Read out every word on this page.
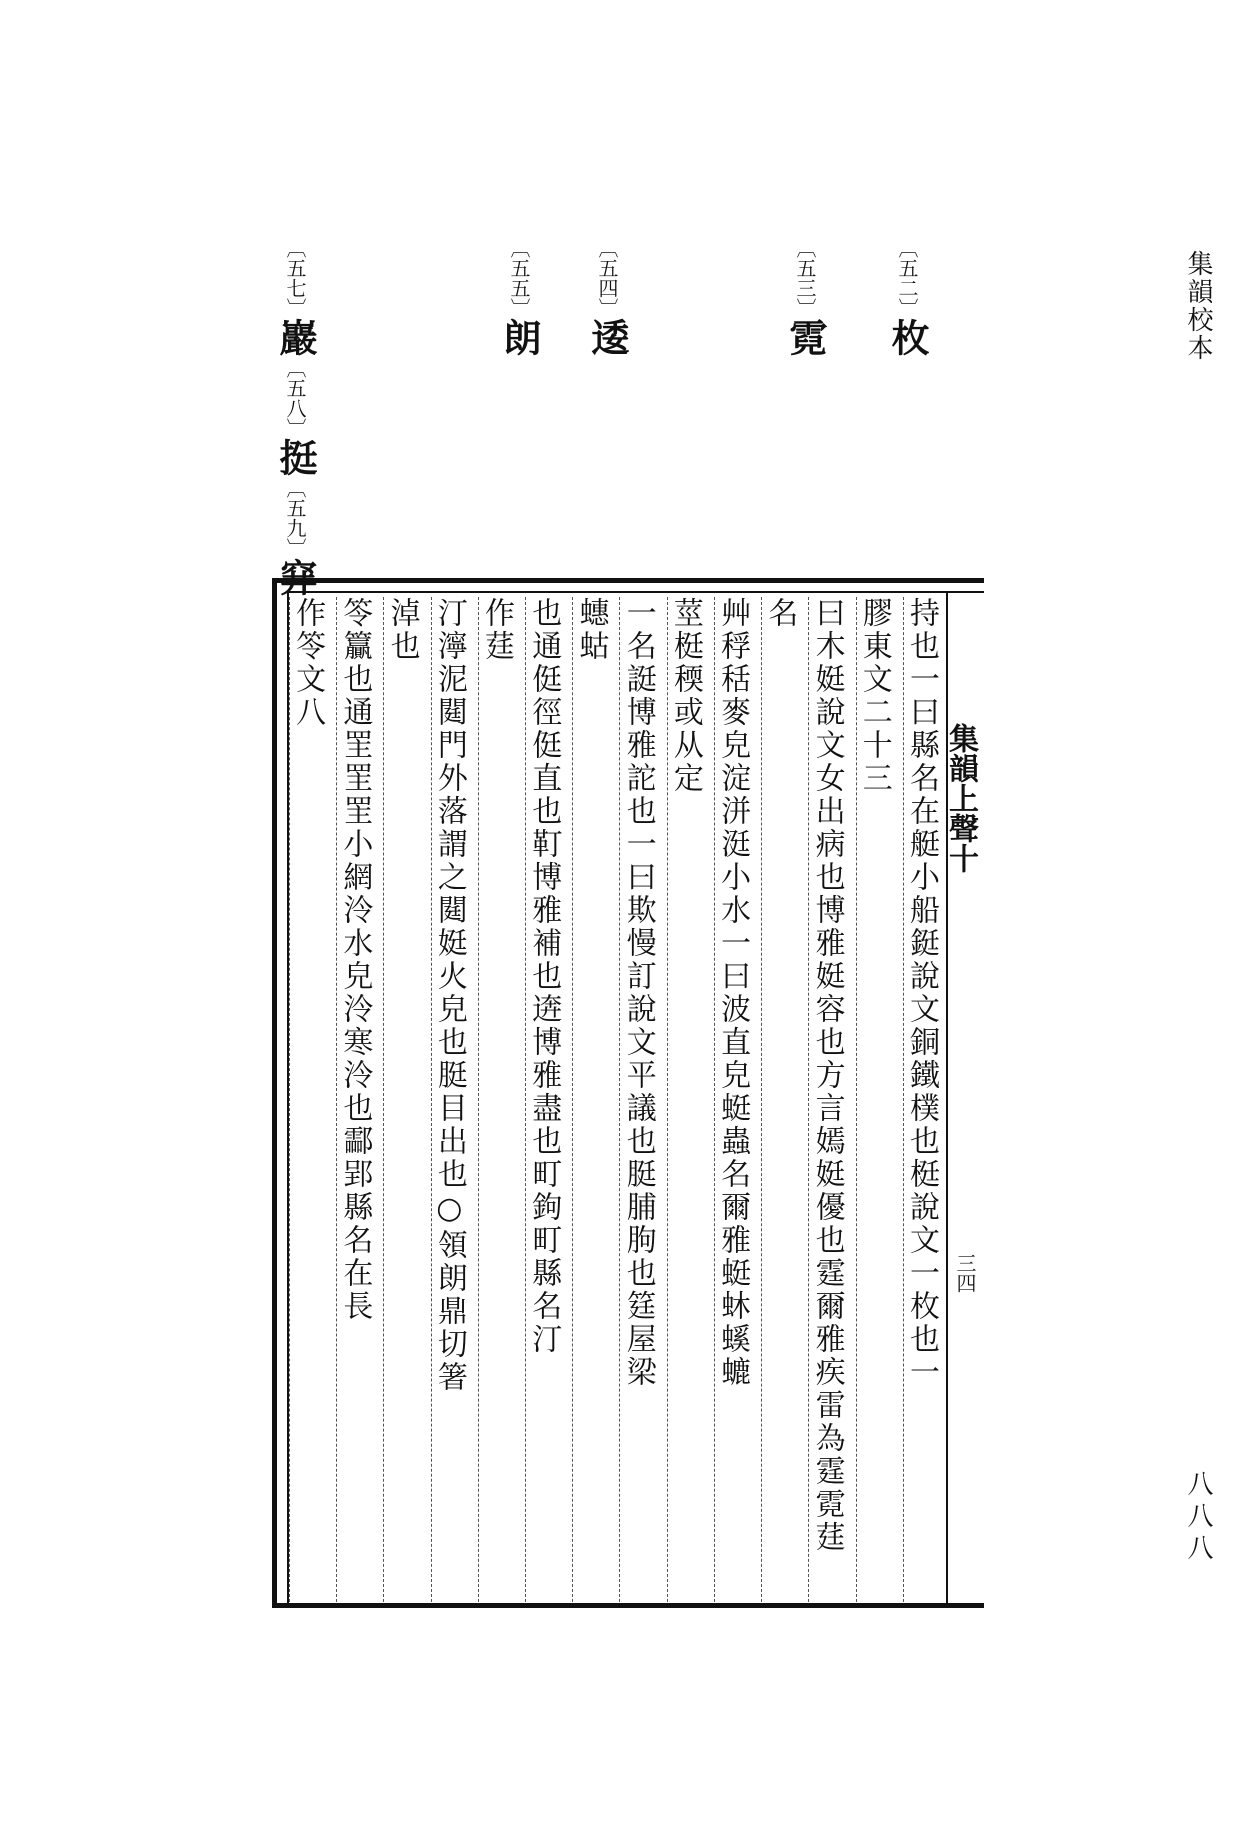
集韻校本
八八八
〔五二〕枚
〔五三〕霓
〔五四〕逶
〔五五〕朗
〔五七〕巖〔五八〕挺〔五九〕穽
集韻上聲十
三四
持也一曰縣名在艇小船鋌說文銅鐵樸也梃說文一枚也一
膠東文二十三
曰木娗說文女出病也博雅娗容也方言嫣娗優也霆爾雅疾雷為霆霓莛
名
艸稃秳麥皃淀洴涏小水一曰波直皃蜓蟲名爾雅蜓蚞螇螰
莖梃稬或从定
一名誔博雅詑也一曰欺慢訂說文平議也脡脯朐也筳屋梁
蟪蛄
也通侹徑侹直也靪博雅補也逩博雅盡也町鉤町縣名汀
作莛
汀濘泥閮門外落謂之閮娗火皃也脡目出也○領朗鼎切箸
淖也
笭籯也通罜罜罜小網泠水皃泠寒泠也酃郢縣名在長
作笭文八
